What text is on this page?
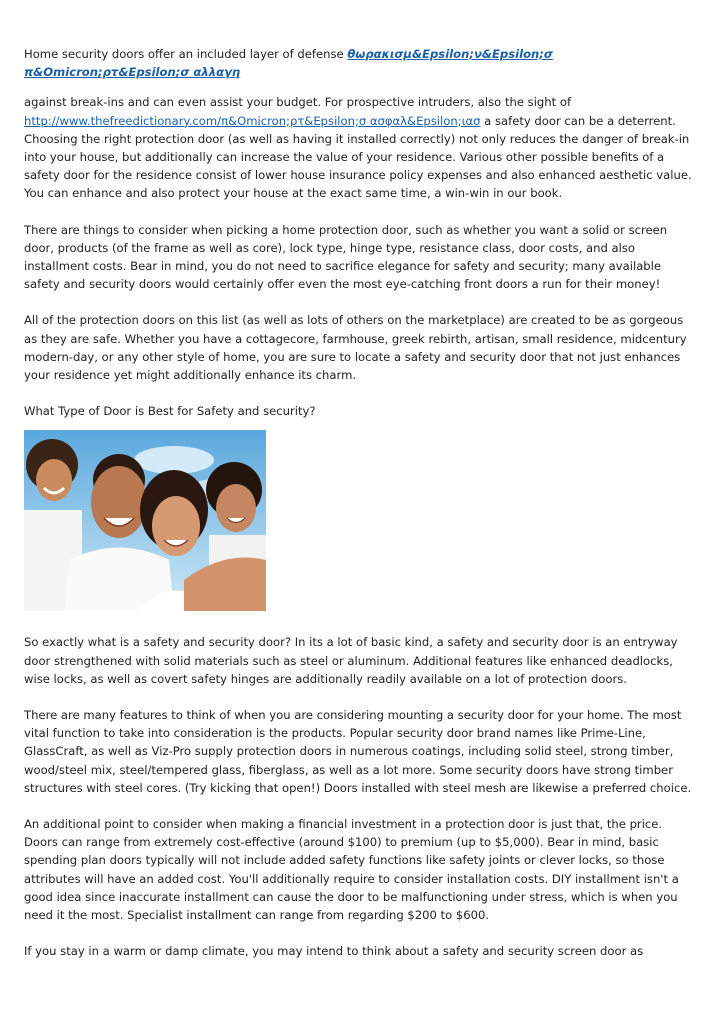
Home security doors offer an included layer of defense θωρακισμ&Epsilon;ν&Epsilon;σ π&Omicron;ρτ&Epsilon;σ αλλαγη

against break-ins and can even assist your budget. For prospective intruders, also the sight of http://www.thefreedictionary.com/π&Omicron;ρτ&Epsilon;σ ασφαλ&Epsilon;ιασ a safety door can be a deterrent. Choosing the right protection door (as well as having it installed correctly) not only reduces the danger of break-in into your house, but additionally can increase the value of your residence. Various other possible benefits of a safety door for the residence consist of lower house insurance policy expenses and also enhanced aesthetic value. You can enhance and also protect your house at the exact same time, a win-win in our book.

There are things to consider when picking a home protection door, such as whether you want a solid or screen door, products (of the frame as well as core), lock type, hinge type, resistance class, door costs, and also installment costs. Bear in mind, you do not need to sacrifice elegance for safety and security; many available safety and security doors would certainly offer even the most eye-catching front doors a run for their money!

All of the protection doors on this list (as well as lots of others on the marketplace) are created to be as gorgeous as they are safe. Whether you have a cottagecore, farmhouse, greek rebirth, artisan, small residence, midcentury modern-day, or any other style of home, you are sure to locate a safety and security door that not just enhances your residence yet might additionally enhance its charm.

What Type of Door is Best for Safety and security?

So exactly what is a safety and security door? In its a lot of basic kind, a safety and security door is an entryway door strengthened with solid materials such as steel or aluminum. Additional features like enhanced deadlocks, wise locks, as well as covert safety hinges are additionally readily available on a lot of protection doors.

There are many features to think of when you are considering mounting a security door for your home. The most vital function to take into consideration is the products. Popular security door brand names like Prime-Line, GlassCraft, as well as Viz-Pro supply protection doors in numerous coatings, including solid steel, strong timber, wood/steel mix, steel/tempered glass, fiberglass, as well as a lot more. Some security doors have strong timber structures with steel cores. (Try kicking that open!) Doors installed with steel mesh are likewise a preferred choice.

An additional point to consider when making a financial investment in a protection door is just that, the price. Doors can range from extremely cost-effective (around $100) to premium (up to $5,000). Bear in mind, basic spending plan doors typically will not include added safety functions like safety joints or clever locks, so those attributes will have an added cost. You'll additionally require to consider installation costs. DIY installment isn't a good idea since inaccurate installment can cause the door to be malfunctioning under stress, which is when you need it the most. Specialist installment can range from regarding $200 to $600.

If you stay in a warm or damp climate, you may intend to think about a safety and security screen door as
